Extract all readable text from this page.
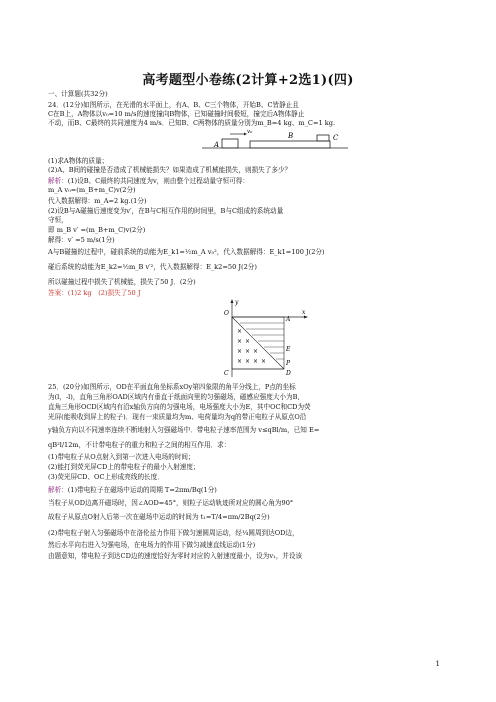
高考题型小卷练(2计算+2选1)(四)
一、计算题(共32分)
24．(12分)如图所示，在光滑的水平面上，有A、B、C三个物体，开始B、C皆静止且
C在B上，A物体以v₀=10 m/s的速度撞向B物体，已知碰撞时间极短，撞完后A物体静止
不动，而B、C最终的共同速度为4 m/s．已知B、C两物体的质量分别为m_B=4 kg、m_C=1 kg.
A
v₀	B	C
(1)求A物体的质量；
(2)A、B间的碰撞是否造成了机械能损失？如果造成了机械能损失，则损失了多少？
解析：(1)设B、C最终的共同速度为v，则由整个过程动量守恒可得：
m_A v₀=(m_B+m_C)v(2分)
代入数据解得：m_A=2 kg.(1分)
(2)设B与A碰撞后速度变为v′，在B与C相互作用的时间里，B与C组成的系统动量
守恒，
即 m_B v′ =(m_B+m_C)v(2分)
解得：v′ =5 m/s(1分)
A与B碰撞的过程中，碰前系统的动能为E_k1=½m_A v₀²，代入数据解得：E_k1=100 J(2分)
碰后系统的动能为E_k2=½m_B v′²，代入数据解得：E_k2=50 J(2分)
所以碰撞过程中损失了机械能，损失了50 J．(2分)
答案：(1)2 kg　(2)损失了50 J
y
x
O
×
× ×
× × ×
× × × ×
E
D
C
A
P
25．(20分)如图所示，OD在平面直角坐标系xOy第四象限的角平分线上，P点的坐标
为(l，-l)，直角三角形OAD区域内有垂直于纸面向里的匀强磁场，磁感应强度大小为B,
直角三角形OCD区域内有沿x轴负方向的匀强电场，电场强度大小为E，其中OC和CD为荧
光屏(能吸收到屏上的粒子)．现有一束质量均为m、电荷量均为q的带正电粒子从原点O沿
y轴负方向以不同速率连续不断地射入匀强磁场中．带电粒子速率范围为 v≤qBl/m，已知 E=
qB²l/12m，不计带电粒子的重力和粒子之间的相互作用．求：
(1)带电粒子从O点射入到第一次进入电场的时间；
(2)能打到荧光屏CD上的带电粒子的最小入射速度；
(3)荧光屏CD、OC上形成亮线的长度．
解析：(1)带电粒子在磁场中运动的周期 T=2πm/Bq(1分)
当粒子从OD边离开磁场时，因∠AOD=45°，则粒子运动轨迹所对应的圆心角为90°
故粒子从原点O射入后第一次在磁场中运动的时间为 t₁=T/4=πm/2Bq(2分)
(2)带电粒子射入匀强磁场中在洛伦兹力作用下做匀速圆周运动，经¼圆周到达OD边，
然后水平向右进入匀强电场，在电场力的作用下做匀减速直线运动(1分)
由题意知，带电粒子到达CD边的速度恰好为零时对应的入射速度最小，设为v₁，并设该
1
